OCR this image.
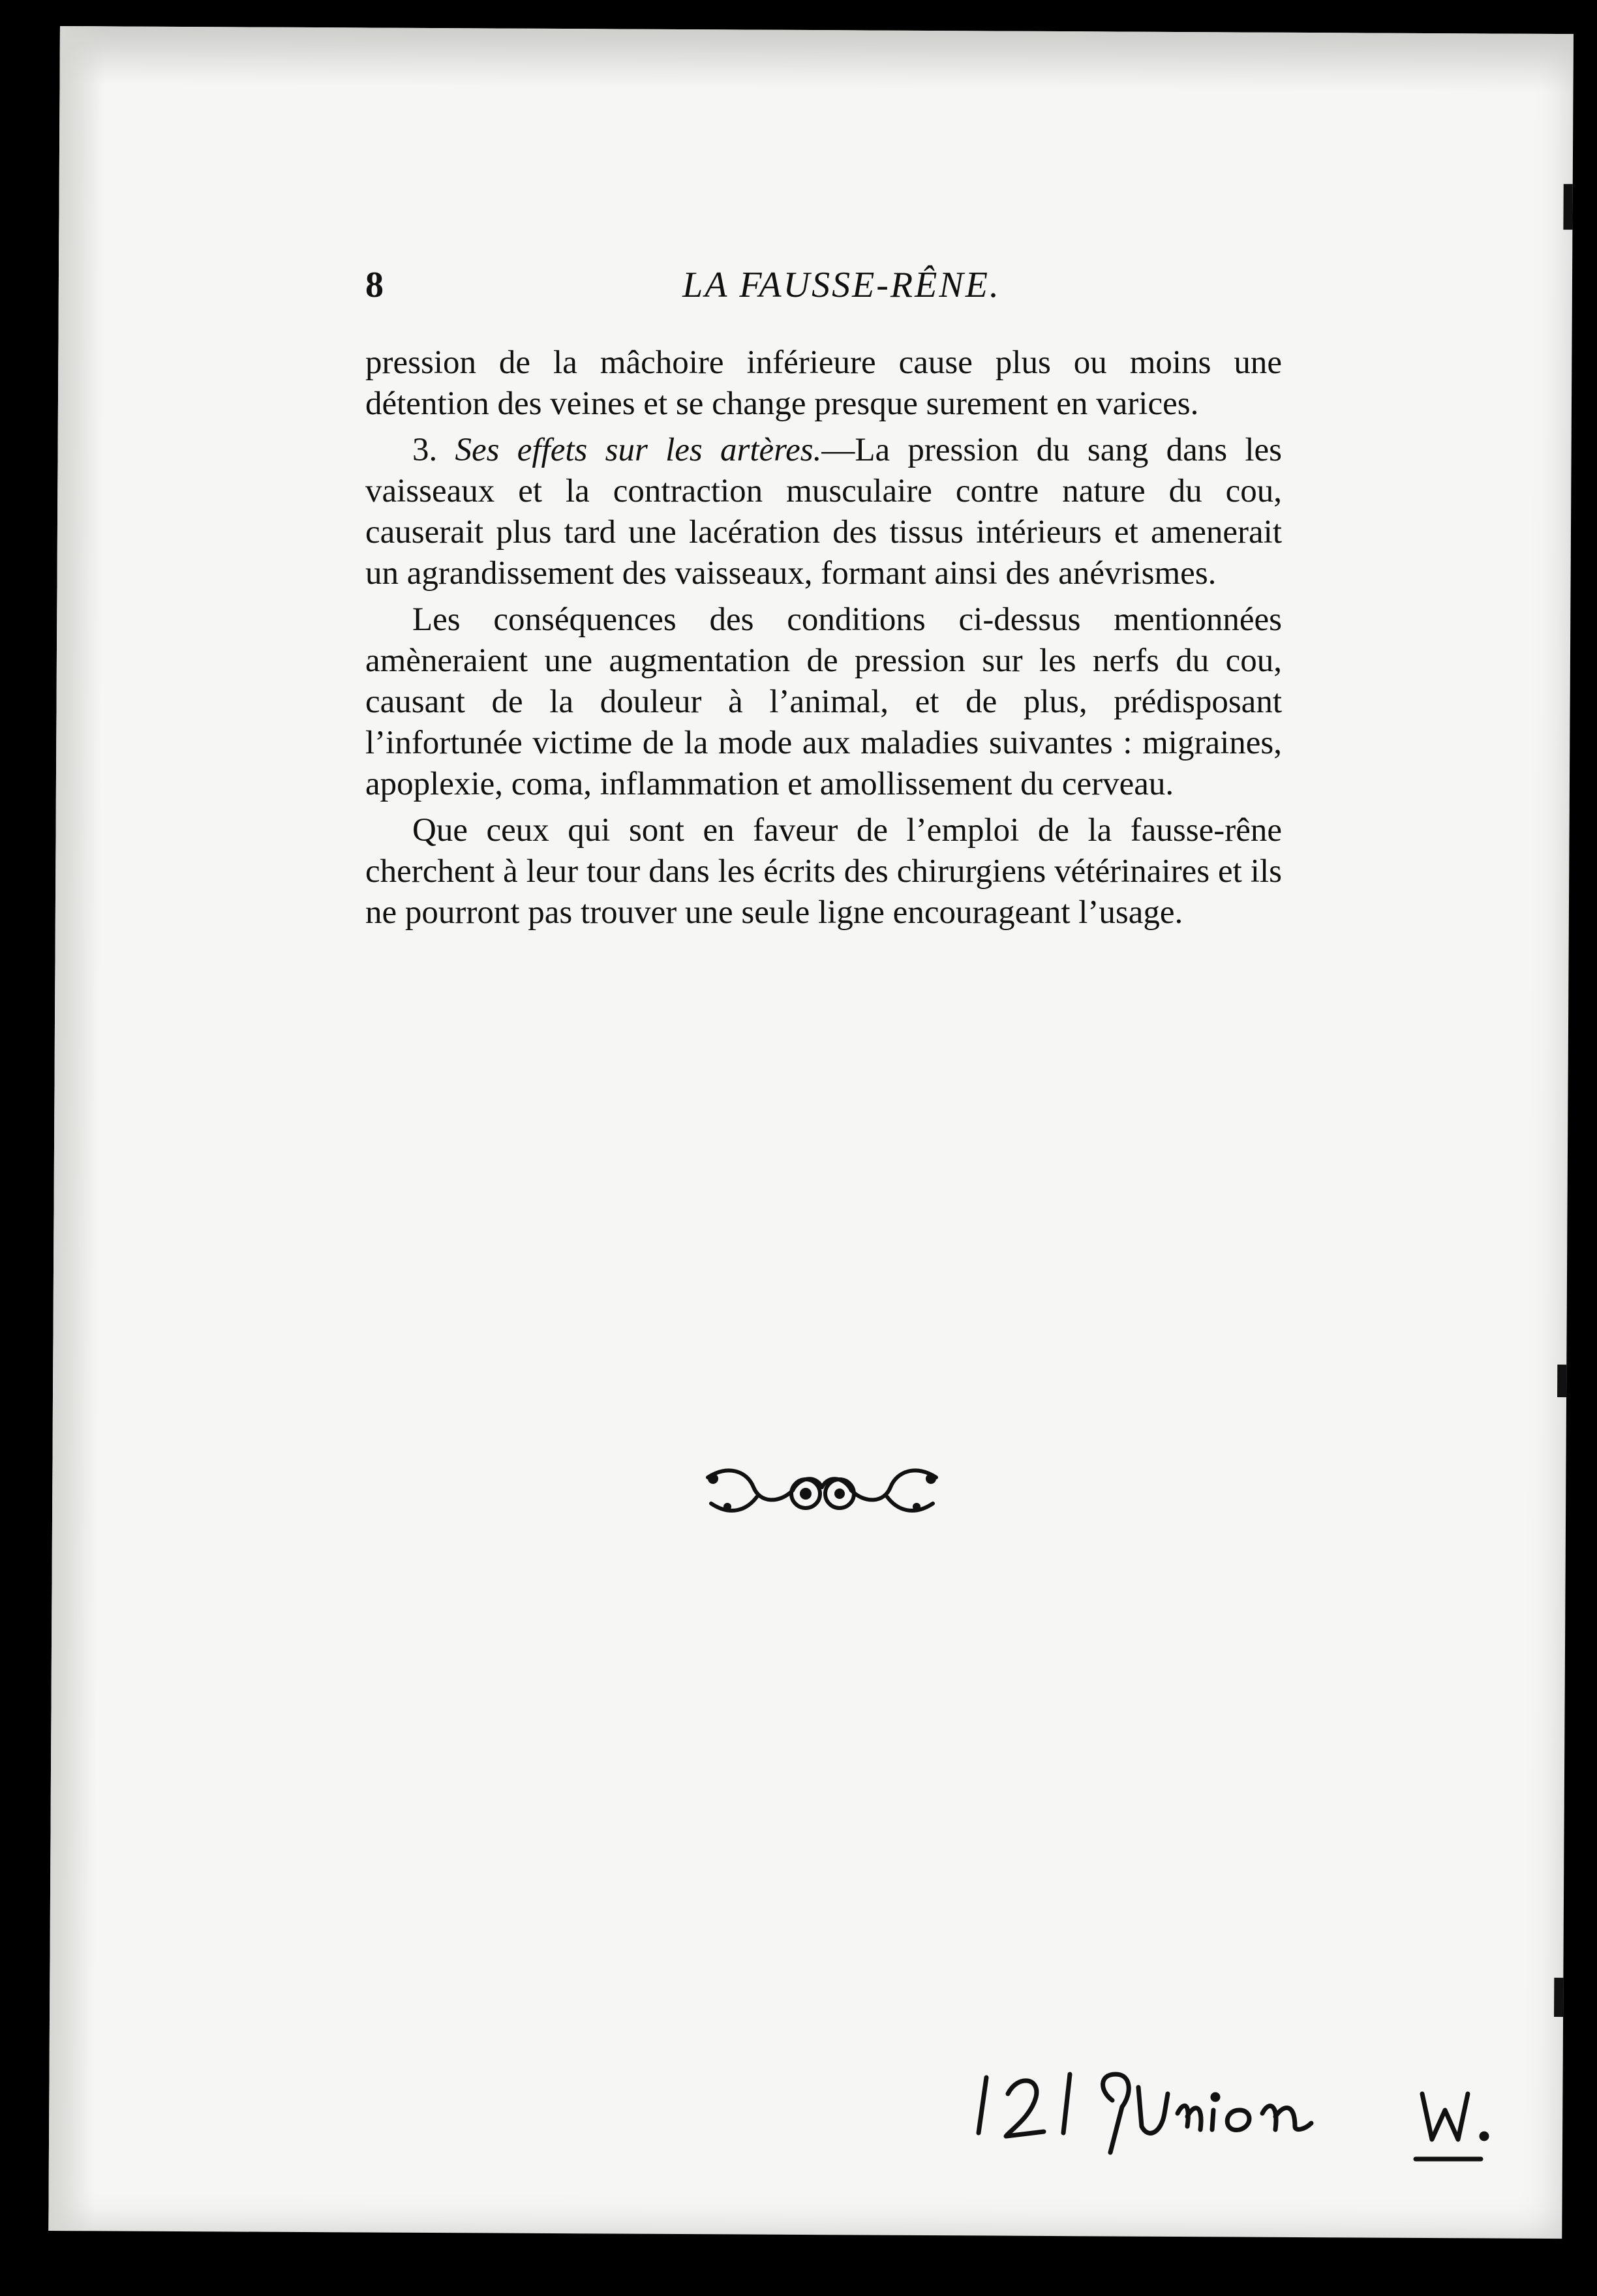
8	LA FAUSSE-RÊNE.

pression de la mâchoire inférieure cause plus ou moins une détention des veines et se change presque surement en varices.

3. Ses effets sur les artères.—La pression du sang dans les vaisseaux et la contraction musculaire contre nature du cou, causerait plus tard une lacération des tissus intérieurs et amenerait un agrandissement des vaisseaux, formant ainsi des anévrismes.

Les conséquences des conditions ci-dessus mentionnées amèneraient une augmentation de pression sur les nerfs du cou, causant de la douleur à l’animal, et de plus, prédisposant l’infortunée victime de la mode aux maladies suivantes : migraines, apoplexie, coma, inflammation et amollissement du cerveau.

Que ceux qui sont en faveur de l’emploi de la fausse-rêne cherchent à leur tour dans les écrits des chirurgiens vétérinaires et ils ne pourront pas trouver une seule ligne encourageant l’usage.
